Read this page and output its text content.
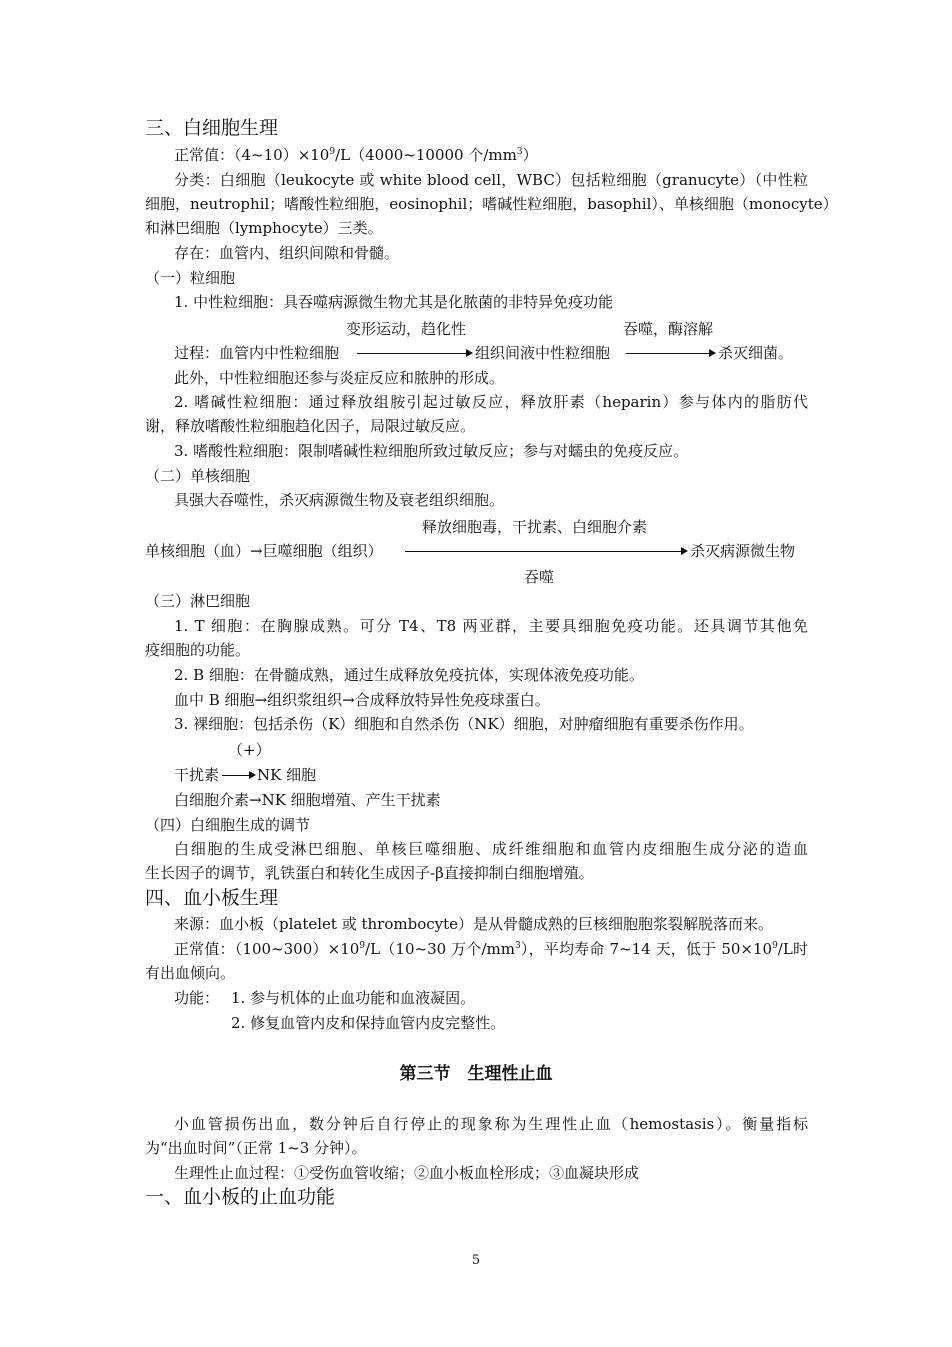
三、白细胞生理
正常值：$(4\sim 10)\times 10^9/L(4000\sim 10000$ 个$/mm^3$）
分类：白细胞（leukocyte 或 white blood cell，WBC）包括粒细胞（granucyte）（中性粒
细胞，neutrophil；嗜酸性粒细胞，eosinophil；嗜碱性粒细胞，basophil）、单核细胞（monocyte）
和淋巴细胞（lymphocyte）三类。
存在：血管内、组织间隙和骨髓。
（一）粒细胞
1. 中性粒细胞：具吞噬病源微生物尤其是化脓菌的非特异免疫功能
变形运动，趋化性	吞噬，酶溶解
过程：血管内中性粒细胞	组织间液中性粒细胞	杀灭细菌。
此外，中性粒细胞还参与炎症反应和脓肿的形成。
2. 嗜碱性粒细胞：通过释放组胺引起过敏反应，释放肝素（heparin）参与体内的脂肪代
谢，释放嗜酸性粒细胞趋化因子，局限过敏反应。
3. 嗜酸性粒细胞：限制嗜碱性粒细胞所致过敏反应；参与对蠕虫的免疫反应。
（二）单核细胞
具强大吞噬性，杀灭病源微生物及衰老组织细胞。
释放细胞毒，干扰素、白细胞介素
单核细胞（血）→巨噬细胞（组织）	杀灭病源微生物
吞噬
（三）淋巴细胞
1. T 细胞：在胸腺成熟。可分 T4、T8 两亚群，主要具细胞免疫功能。还具调节其他免
疫细胞的功能。
2. B 细胞：在骨髓成熟，通过生成释放免疫抗体，实现体液免疫功能。
血中 B 细胞→组织浆组织→合成释放特异性免疫球蛋白。
3. 裸细胞：包括杀伤（K）细胞和自然杀伤（NK）细胞，对肿瘤细胞有重要杀伤作用。
（+）
干扰素	NK 细胞
白细胞介素→NK 细胞增殖、产生干扰素
（四）白细胞生成的调节
白细胞的生成受淋巴细胞、单核巨噬细胞、成纤维细胞和血管内皮细胞生成分泌的造血
生长因子的调节，乳铁蛋白和转化生成因子-β直接抑制白细胞增殖。
四、血小板生理
来源：血小板（platelet 或 thrombocyte）是从骨髓成熟的巨核细胞胞浆裂解脱落而来。
正常值：$(100\sim 300)\times 10^9/L(10\sim 30$ 万个$/mm^3$），平均寿命 7~14 天，低于 $50\times 10^9/L$时
有出血倾向。
功能： 1. 参与机体的止血功能和血液凝固。
2. 修复血管内皮和保持血管内皮完整性。
第三节　生理性止血
小血管损伤出血，数分钟后自行停止的现象称为生理性止血（hemostasis）。衡量指标
为“出血时间”（正常 1~3 分钟）。
生理性止血过程：①受伤血管收缩；②血小板血栓形成；③血凝块形成
一、血小板的止血功能
5
